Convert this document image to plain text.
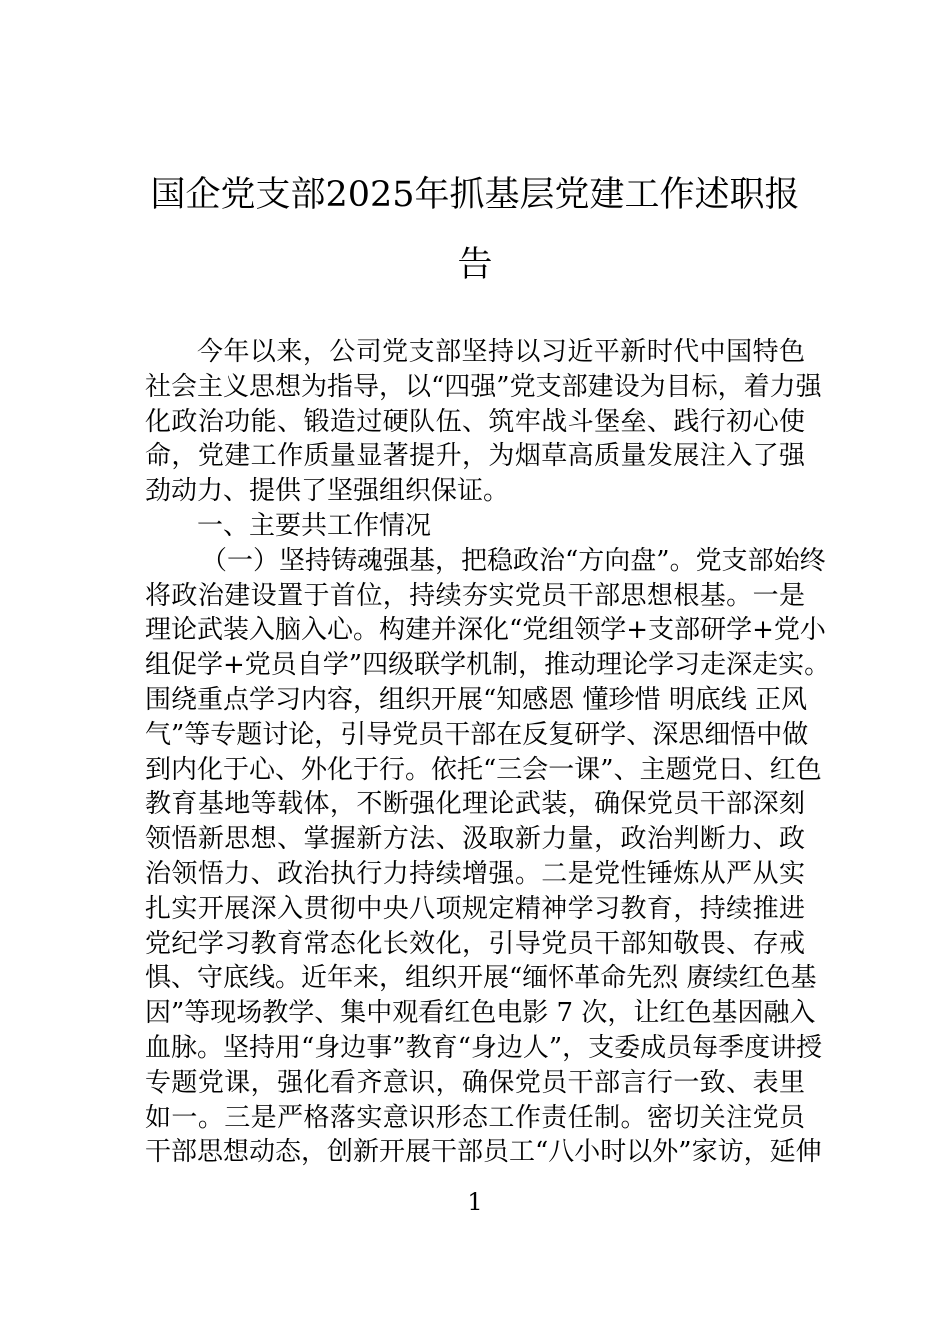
国企党支部2025年抓基层党建工作述职报
告
今年以来，公司党支部坚持以习近平新时代中国特色
社会主义思想为指导，以“四强”党支部建设为目标，着力强
化政治功能、锻造过硬队伍、筑牢战斗堡垒、践行初心使
命，党建工作质量显著提升，为烟草高质量发展注入了强
劲动力、提供了坚强组织保证。
一、主要共工作情况
（一）坚持铸魂强基，把稳政治“方向盘”。党支部始终
将政治建设置于首位，持续夯实党员干部思想根基。一是
理论武装入脑入心。构建并深化“党组领学+支部研学+党小
组促学+党员自学”四级联学机制，推动理论学习走深走实。
围绕重点学习内容，组织开展“知感恩 懂珍惜 明底线 正风
气”等专题讨论，引导党员干部在反复研学、深思细悟中做
到内化于心、外化于行。依托“三会一课”、主题党日、红色
教育基地等载体，不断强化理论武装，确保党员干部深刻
领悟新思想、掌握新方法、汲取新力量，政治判断力、政
治领悟力、政治执行力持续增强。二是党性锤炼从严从实
扎实开展深入贯彻中央八项规定精神学习教育，持续推进
党纪学习教育常态化长效化，引导党员干部知敬畏、存戒
惧、守底线。近年来，组织开展“缅怀革命先烈 赓续红色基
因”等现场教学、集中观看红色电影 7 次，让红色基因融入
血脉。坚持用“身边事”教育“身边人”，支委成员每季度讲授
专题党课，强化看齐意识，确保党员干部言行一致、表里
如一。三是严格落实意识形态工作责任制。密切关注党员
干部思想动态，创新开展干部员工“八小时以外”家访，延伸
1
